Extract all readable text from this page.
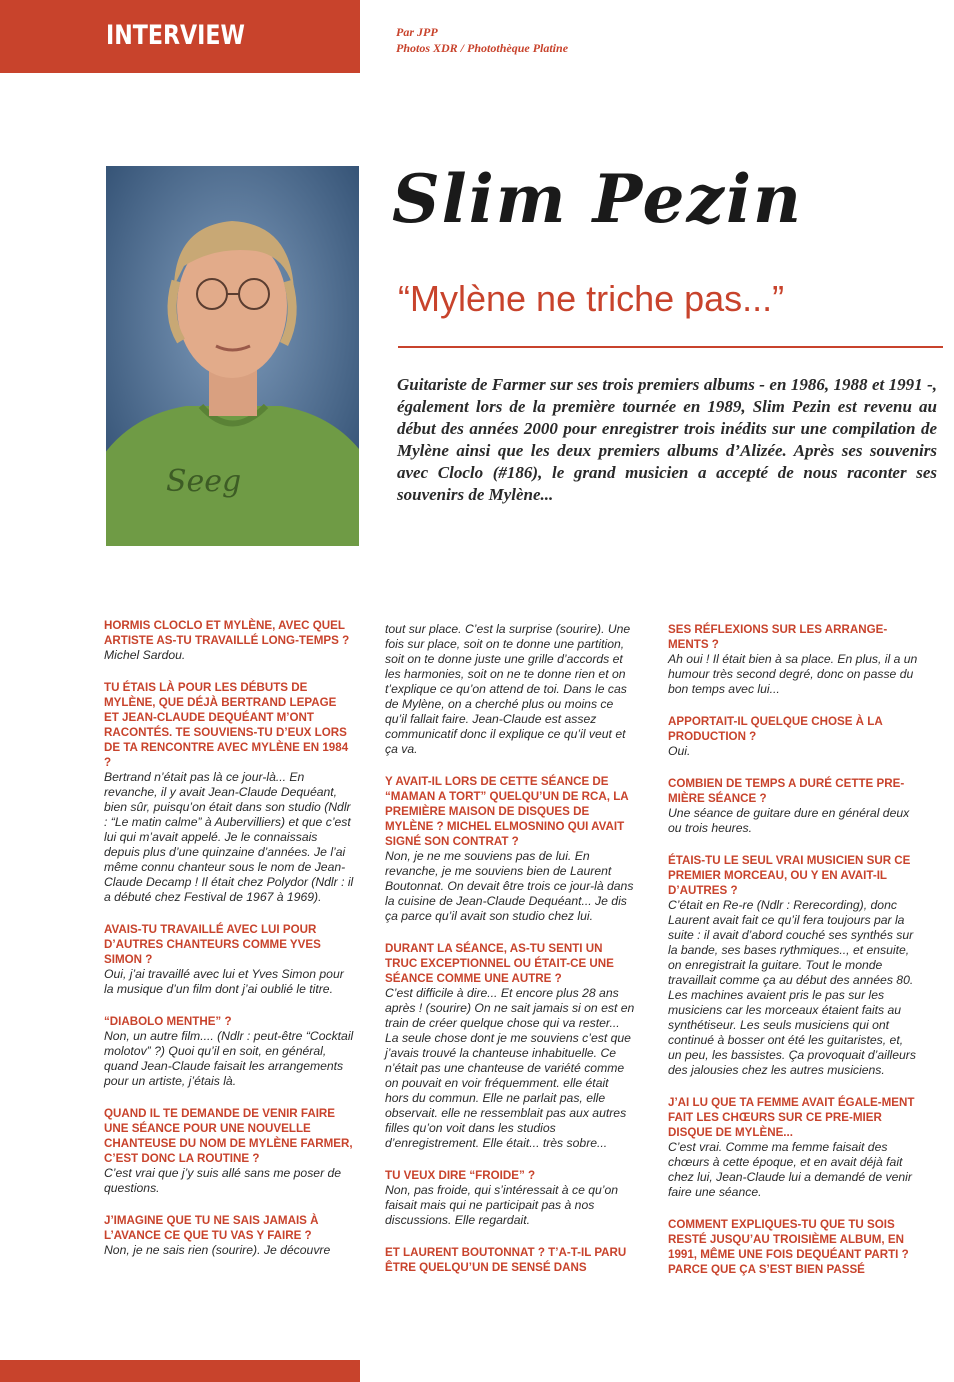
INTERVIEW	Par JPP
Photos XDR / Photothèque Platine
Seeg
Slim Pezin
“Mylène ne triche pas...”
Guitariste de Farmer sur ses trois premiers albums - en 1986, 1988 et 1991 -, également lors de la première tournée en 1989, Slim Pezin est revenu au début des années 2000 pour enregistrer trois inédits sur une compilation de Mylène ainsi que les deux premiers albums d’Alizée. Après ses souvenirs avec Cloclo (#186), le grand musicien a accepté de nous raconter ses souvenirs de Mylène...

HORMIS CLOCLO ET MYLÈNE, AVEC QUEL ARTISTE AS-TU TRAVAILLÉ LONG-TEMPS ?

Michel Sardou.

TU ÉTAIS LÀ POUR LES DÉBUTS DE MYLÈNE, QUE DÉJÀ BERTRAND LEPAGE ET JEAN-CLAUDE DEQUÉANT M’ONT RACONTÉS. TE SOUVIENS-TU D’EUX LORS DE TA RENCONTRE AVEC MYLÈNE EN 1984 ?

Bertrand n’était pas là ce jour-là... En revanche, il y avait Jean-Claude Dequéant, bien sûr, puisqu’on était dans son studio (Ndlr : “Le matin calme” à Aubervilliers) et que c’est lui qui m’avait appelé. Je le connaissais depuis plus d’une quinzaine d’années. Je l’ai même connu chanteur sous le nom de Jean-Claude Decamp ! Il était chez Polydor (Ndlr : il a débuté chez Festival de 1967 à 1969).

AVAIS-TU TRAVAILLÉ AVEC LUI POUR D’AUTRES CHANTEURS COMME YVES SIMON ?

Oui, j’ai travaillé avec lui et Yves Simon pour la musique d’un film dont j’ai oublié le titre.

“DIABOLO MENTHE” ?

Non, un autre film.... (Ndlr : peut-être “Cocktail molotov” ?) Quoi qu’il en soit, en général, quand Jean-Claude faisait les arrangements pour un artiste, j’étais là.

QUAND IL TE DEMANDE DE VENIR FAIRE UNE SÉANCE POUR UNE NOUVELLE CHANTEUSE DU NOM DE MYLÈNE FARMER, C’EST DONC LA ROUTINE ?

C’est vrai que j’y suis allé sans me poser de questions.

J’IMAGINE QUE TU NE SAIS JAMAIS À L’AVANCE CE QUE TU VAS Y FAIRE ?

Non, je ne sais rien (sourire). Je découvre

tout sur place. C’est la surprise (sourire). Une fois sur place, soit on te donne une partition, soit on te donne juste une grille d’accords et les harmonies, soit on ne te donne rien et on t’explique ce qu’on attend de toi. Dans le cas de Mylène, on a cherché plus ou moins ce qu’il fallait faire. Jean-Claude est assez communicatif donc il explique ce qu’il veut et ça va.

Y AVAIT-IL LORS DE CETTE SÉANCE DE “MAMAN A TORT” QUELQU’UN DE RCA, LA PREMIÈRE MAISON DE DISQUES DE MYLÈNE ? MICHEL ELMOSNINO QUI AVAIT SIGNÉ SON CONTRAT ?

Non, je ne me souviens pas de lui. En revanche, je me souviens bien de Laurent Boutonnat. On devait être trois ce jour-là dans la cuisine de Jean-Claude Dequéant... Je dis ça parce qu’il avait son studio chez lui.

DURANT LA SÉANCE, AS-TU SENTI UN TRUC EXCEPTIONNEL OU ÉTAIT-CE UNE SÉANCE COMME UNE AUTRE ?

C’est difficile à dire... Et encore plus 28 ans après ! (sourire) On ne sait jamais si on est en train de créer quelque chose qui va rester... La seule chose dont je me souviens c’est que j’avais trouvé la chanteuse inhabituelle. Ce n’était pas une chanteuse de variété comme on pouvait en voir fréquemment. elle était hors du commun. Elle ne parlait pas, elle observait. elle ne ressemblait pas aux autres filles qu’on voit dans les studios d’enregistrement. Elle était... très sobre...

TU VEUX DIRE “FROIDE” ?

Non, pas froide, qui s’intéressait à ce qu’on faisait mais qui ne participait pas à nos discussions. Elle regardait.

ET LAURENT BOUTONNAT ? T’A-T-IL PARU ÊTRE QUELQU’UN DE SENSÉ DANS

SES RÉFLEXIONS SUR LES ARRANGE-MENTS ?

Ah oui ! Il était bien à sa place. En plus, il a un humour très second degré, donc on passe du bon temps avec lui...

APPORTAIT-IL QUELQUE CHOSE À LA PRODUCTION ?

Oui.

COMBIEN DE TEMPS A DURÉ CETTE PRE-MIÈRE SÉANCE ?

Une séance de guitare dure en général deux ou trois heures.

ÉTAIS-TU LE SEUL VRAI MUSICIEN SUR CE PREMIER MORCEAU, OU Y EN AVAIT-IL D’AUTRES ?

C’était en Re-re (Ndlr : Rerecording), donc Laurent avait fait ce qu’il fera toujours par la suite : il avait d’abord couché ses synthés sur la bande, ses bases rythmiques.., et ensuite, on enregistrait la guitare. Tout le monde travaillait comme ça au début des années 80. Les machines avaient pris le pas sur les musiciens car les morceaux étaient faits au synthétiseur. Les seuls musiciens qui ont continué à bosser ont été les guitaristes, et, un peu, les bassistes. Ça provoquait d’ailleurs des jalousies chez les autres musiciens.

J’AI LU QUE TA FEMME AVAIT ÉGALE-MENT FAIT LES CHŒURS SUR CE PRE-MIER DISQUE DE MYLÈNE...

C’est vrai. Comme ma femme faisait des chœurs à cette époque, et en avait déjà fait chez lui, Jean-Claude lui a demandé de venir faire une séance.

COMMENT EXPLIQUES-TU QUE TU SOIS RESTÉ JUSQU’AU TROISIÈME ALBUM, EN 1991, MÊME UNE FOIS DEQUÉANT PARTI ? PARCE QUE ÇA S’EST BIEN PASSÉ
